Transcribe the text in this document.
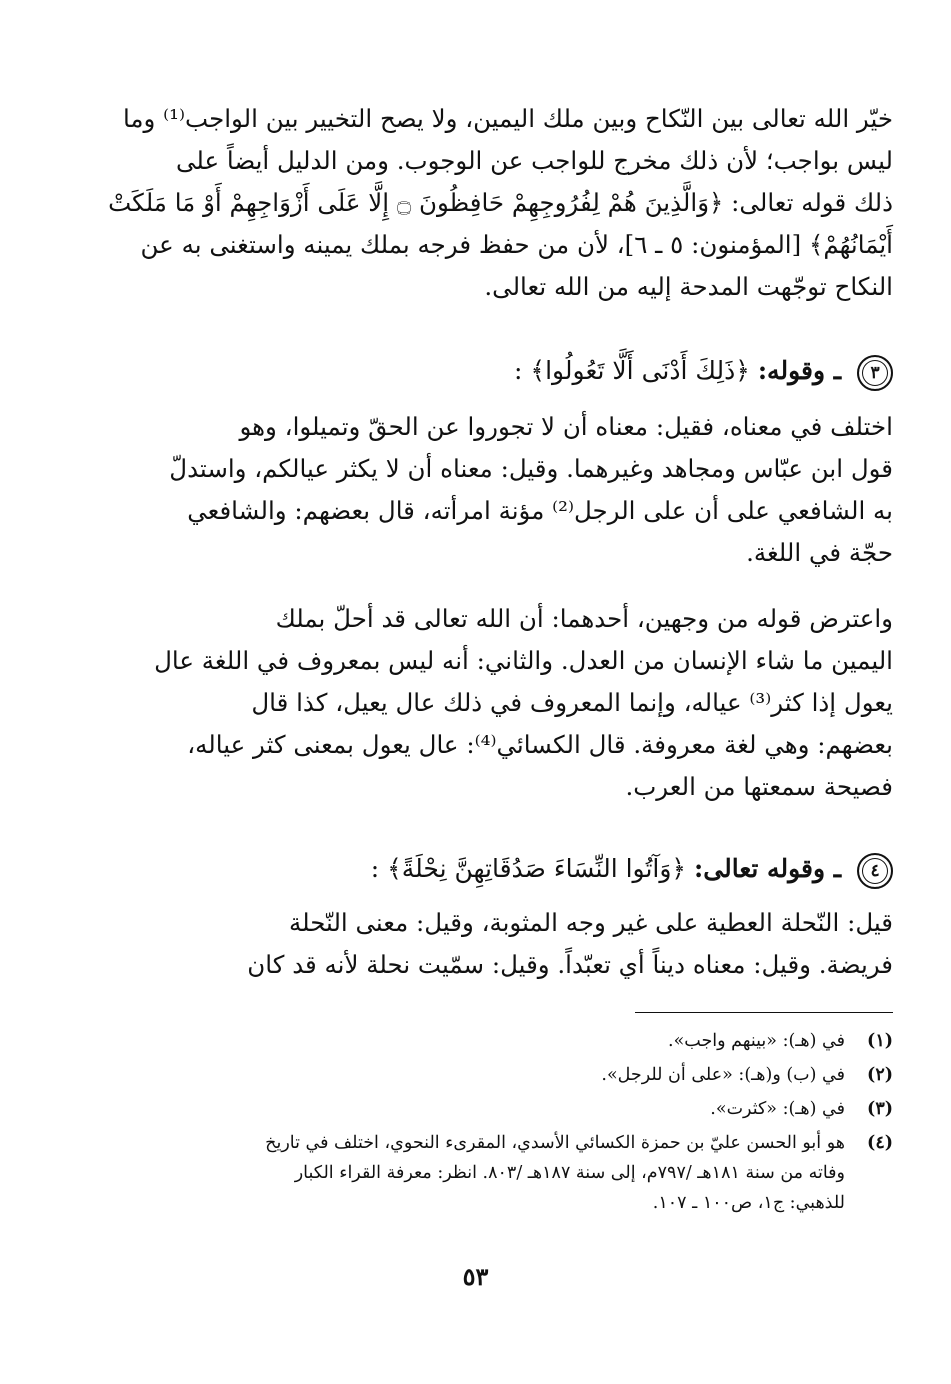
خيّر الله تعالى بين النّكاح وبين ملك اليمين، ولا يصح التخيير بين الواجب⁽¹⁾ وما
ليس بواجب؛ لأن ذلك مخرج للواجب عن الوجوب. ومن الدليل أيضاً على
ذلك قوله تعالى: ﴿وَالَّذِينَ هُمْ لِفُرُوجِهِمْ حَافِظُونَ ۝ إِلَّا عَلَى أَزْوَاجِهِمْ أَوْ مَا مَلَكَتْ
أَيْمَانُهُمْ﴾ [المؤمنون: ٥ ـ ٦]، لأن من حفظ فرجه بملك يمينه واستغنى به عن
النكاح توجّهت المدحة إليه من الله تعالى.
٣ ـ وقوله: ﴿ذَلِكَ أَدْنَى أَلَّا تَعُولُوا﴾ :
اختلف في معناه، فقيل: معناه أن لا تجوروا عن الحقّ وتميلوا، وهو
قول ابن عبّاس ومجاهد وغيرهما. وقيل: معناه أن لا يكثر عيالكم، واستدلّ
به الشافعي على أن على الرجل⁽²⁾ مؤنة امرأته، قال بعضهم: والشافعي
حجّة في اللغة.
واعترض قوله من وجهين، أحدهما: أن الله تعالى قد أحلّ بملك
اليمين ما شاء الإنسان من العدل. والثاني: أنه ليس بمعروف في اللغة عال
يعول إذا كثر⁽³⁾ عياله، وإنما المعروف في ذلك عال يعيل، كذا قال
بعضهم: وهي لغة معروفة. قال الكسائي⁽⁴⁾: عال يعول بمعنى كثر عياله،
فصيحة سمعتها من العرب.
٤ ـ وقوله تعالى: ﴿وَآتُوا النِّسَاءَ صَدُقَاتِهِنَّ نِحْلَةً﴾ :
قيل: النّحلة العطية على غير وجه المثوبة، وقيل: معنى النّحلة
فريضة. وقيل: معناه ديناً أي تعبّداً. وقيل: سمّيت نحلة لأنه قد كان
(١)
في (هـ): «بينهم واجب».
(٢)
في (ب) و(هـ): «على أن للرجل».
(٣)
في (هـ): «كثرت».
(٤)
هو أبو الحسن عليّ بن حمزة الكسائي الأسدي، المقرىء النحوي، اختلف في تاريخ
وفاته من سنة ١٨١هـ /٧٩٧م، إلى سنة ١٨٧هـ /٨٠٣. انظر: معرفة القراء الكبار
للذهبي: ج١، ص١٠٠ ـ ١٠٧.
٥٣
